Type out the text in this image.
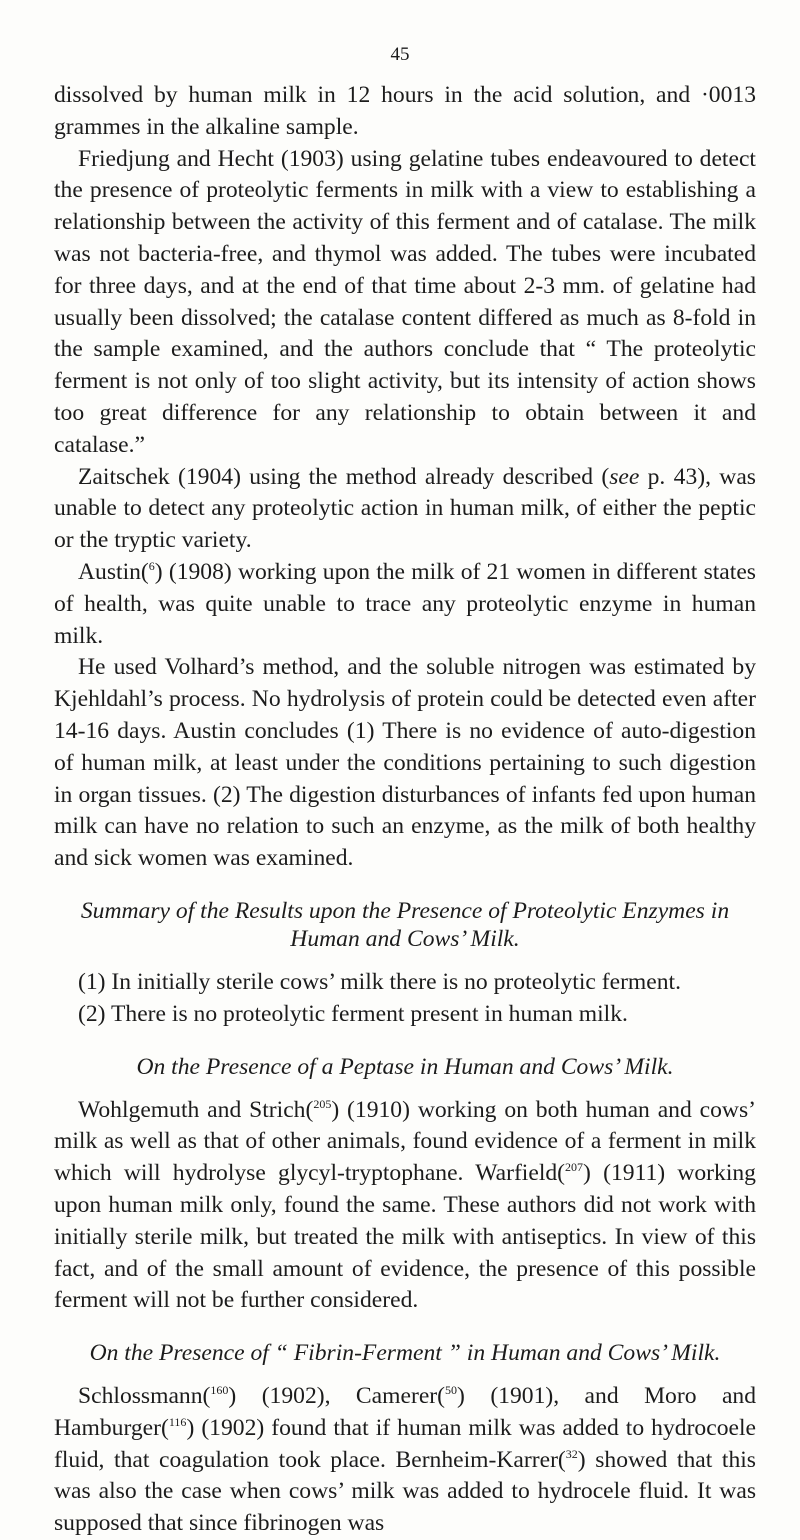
45

dissolved by human milk in 12 hours in the acid solution, and ·0013 grammes in the alkaline sample.

Friedjung and Hecht (1903) using gelatine tubes endeavoured to detect the presence of proteolytic ferments in milk with a view to establishing a relationship between the activity of this ferment and of catalase. The milk was not bacteria-free, and thymol was added. The tubes were incubated for three days, and at the end of that time about 2-3 mm. of gelatine had usually been dissolved; the catalase content differed as much as 8-fold in the sample examined, and the authors conclude that “ The proteolytic ferment is not only of too slight activity, but its intensity of action shows too great difference for any relationship to obtain between it and catalase.”

Zaitschek (1904) using the method already described (see p. 43), was unable to detect any proteolytic action in human milk, of either the peptic or the tryptic variety.

Austin($^6$) (1908) working upon the milk of 21 women in different states of health, was quite unable to trace any proteolytic enzyme in human milk.

He used Volhard’s method, and the soluble nitrogen was estimated by Kjehldahl’s process. No hydrolysis of protein could be detected even after 14-16 days. Austin concludes (1) There is no evidence of auto-digestion of human milk, at least under the conditions pertaining to such digestion in organ tissues. (2) The digestion disturbances of infants fed upon human milk can have no relation to such an enzyme, as the milk of both healthy and sick women was examined.

Summary of the Results upon the Presence of Proteolytic Enzymes in Human and Cows’ Milk.

(1) In initially sterile cows’ milk there is no proteolytic ferment.

(2) There is no proteolytic ferment present in human milk.

On the Presence of a Peptase in Human and Cows’ Milk.

Wohlgemuth and Strich($^{205}$) (1910) working on both human and cows’ milk as well as that of other animals, found evidence of a ferment in milk which will hydrolyse glycyl-tryptophane. Warfield($^{207}$) (1911) working upon human milk only, found the same. These authors did not work with initially sterile milk, but treated the milk with antiseptics. In view of this fact, and of the small amount of evidence, the presence of this possible ferment will not be further considered.

On the Presence of “ Fibrin-Ferment ” in Human and Cows’ Milk.

Schlossmann($^{160}$) (1902), Camerer($^{50}$) (1901), and Moro and Hamburger($^{116}$) (1902) found that if human milk was added to hydrocoele fluid, that coagulation took place. Bernheim-Karrer($^{32}$) showed that this was also the case when cows’ milk was added to hydrocele fluid. It was supposed that since fibrinogen was
